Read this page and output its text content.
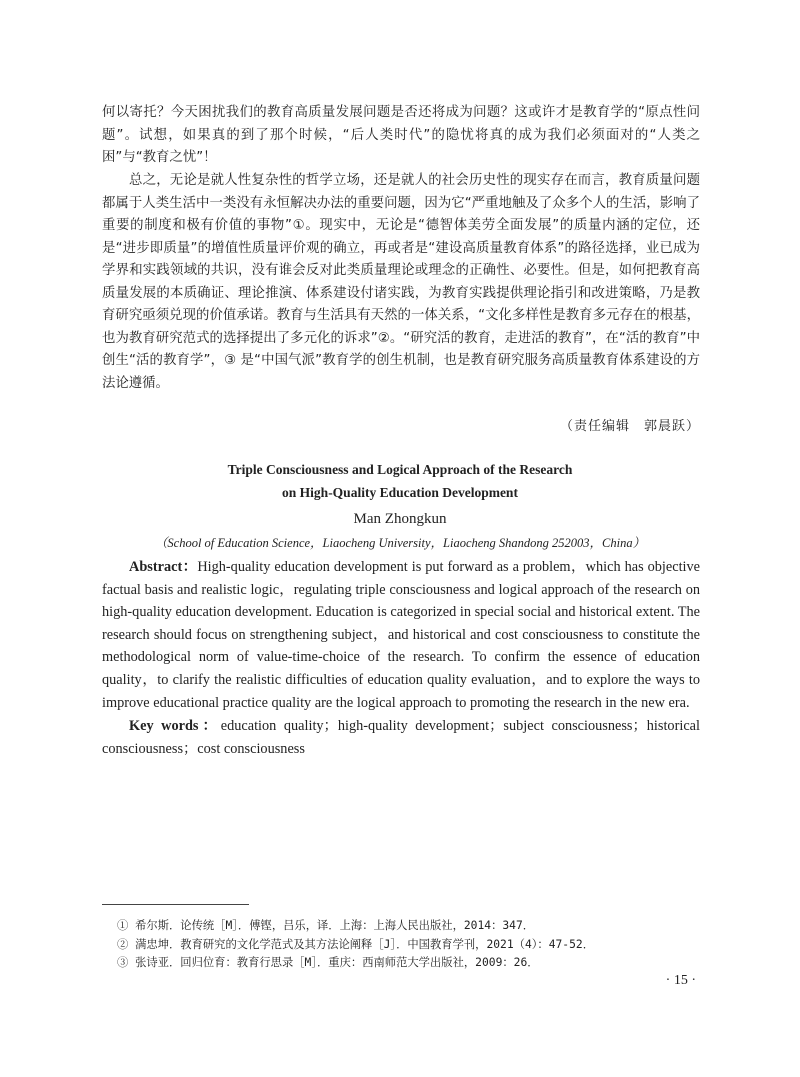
何以寄托？今天困扰我们的教育高质量发展问题是否还将成为问题？这或许才是教育学的“原点性问题”。试想，如果真的到了那个时候，“后人类时代”的隐忧将真的成为我们必须面对的“人类之困”与“教育之忧”！

总之，无论是就人性复杂性的哲学立场，还是就人的社会历史性的现实存在而言，教育质量问题都属于人类生活中一类没有永恒解决办法的重要问题，因为它“严重地触及了众多个人的生活，影响了重要的制度和极有价值的事物”①。现实中，无论是“德智体美劳全面发展”的质量内涵的定位，还是“进步即质量”的增值性质量评价观的确立，再或者是“建设高质量教育体系”的路径选择，业已成为学界和实践领域的共识，没有谁会反对此类质量理论或理念的正确性、必要性。但是，如何把教育高质量发展的本质确证、理论推演、体系建设付诸实践，为教育实践提供理论指引和改进策略，乃是教育研究亟须兑现的价值承诺。教育与生活具有天然的一体关系，“文化多样性是教育多元存在的根基，也为教育研究范式的选择提出了多元化的诉求”②。“研究活的教育，走进活的教育”，在“活的教育”中创生“活的教育学”，③ 是“中国气派”教育学的创生机制，也是教育研究服务高质量教育体系建设的方法论遵循。

（责任编辑　郭晨跃）
Triple Consciousness and Logical Approach of the Research
on High-Quality Education Development
Man Zhongkun
（School of Education Science，Liaocheng University，Liaocheng Shandong 252003，China）

Abstract：High-quality education development is put forward as a problem，which has objective factual basis and realistic logic，regulating triple consciousness and logical approach of the research on high-quality education development. Education is categorized in special social and historical extent. The research should focus on strengthening subject，and historical and cost consciousness to constitute the methodological norm of value-time-choice of the research. To confirm the essence of education quality，to clarify the realistic difficulties of education quality evaluation，and to explore the ways to improve educational practice quality are the logical approach to promoting the research in the new era.

Key words：education quality；high-quality development；subject consciousness；historical consciousness；cost consciousness

① 希尔斯．论传统［M］．傅铿，吕乐，译．上海：上海人民出版社，2014：347．
② 满忠坤．教育研究的文化学范式及其方法论阐释［J］．中国教育学刊，2021（4）：47-52．
③ 张诗亚．回归位育：教育行思录［M］．重庆：西南师范大学出版社，2009：26．
· 15 ·
